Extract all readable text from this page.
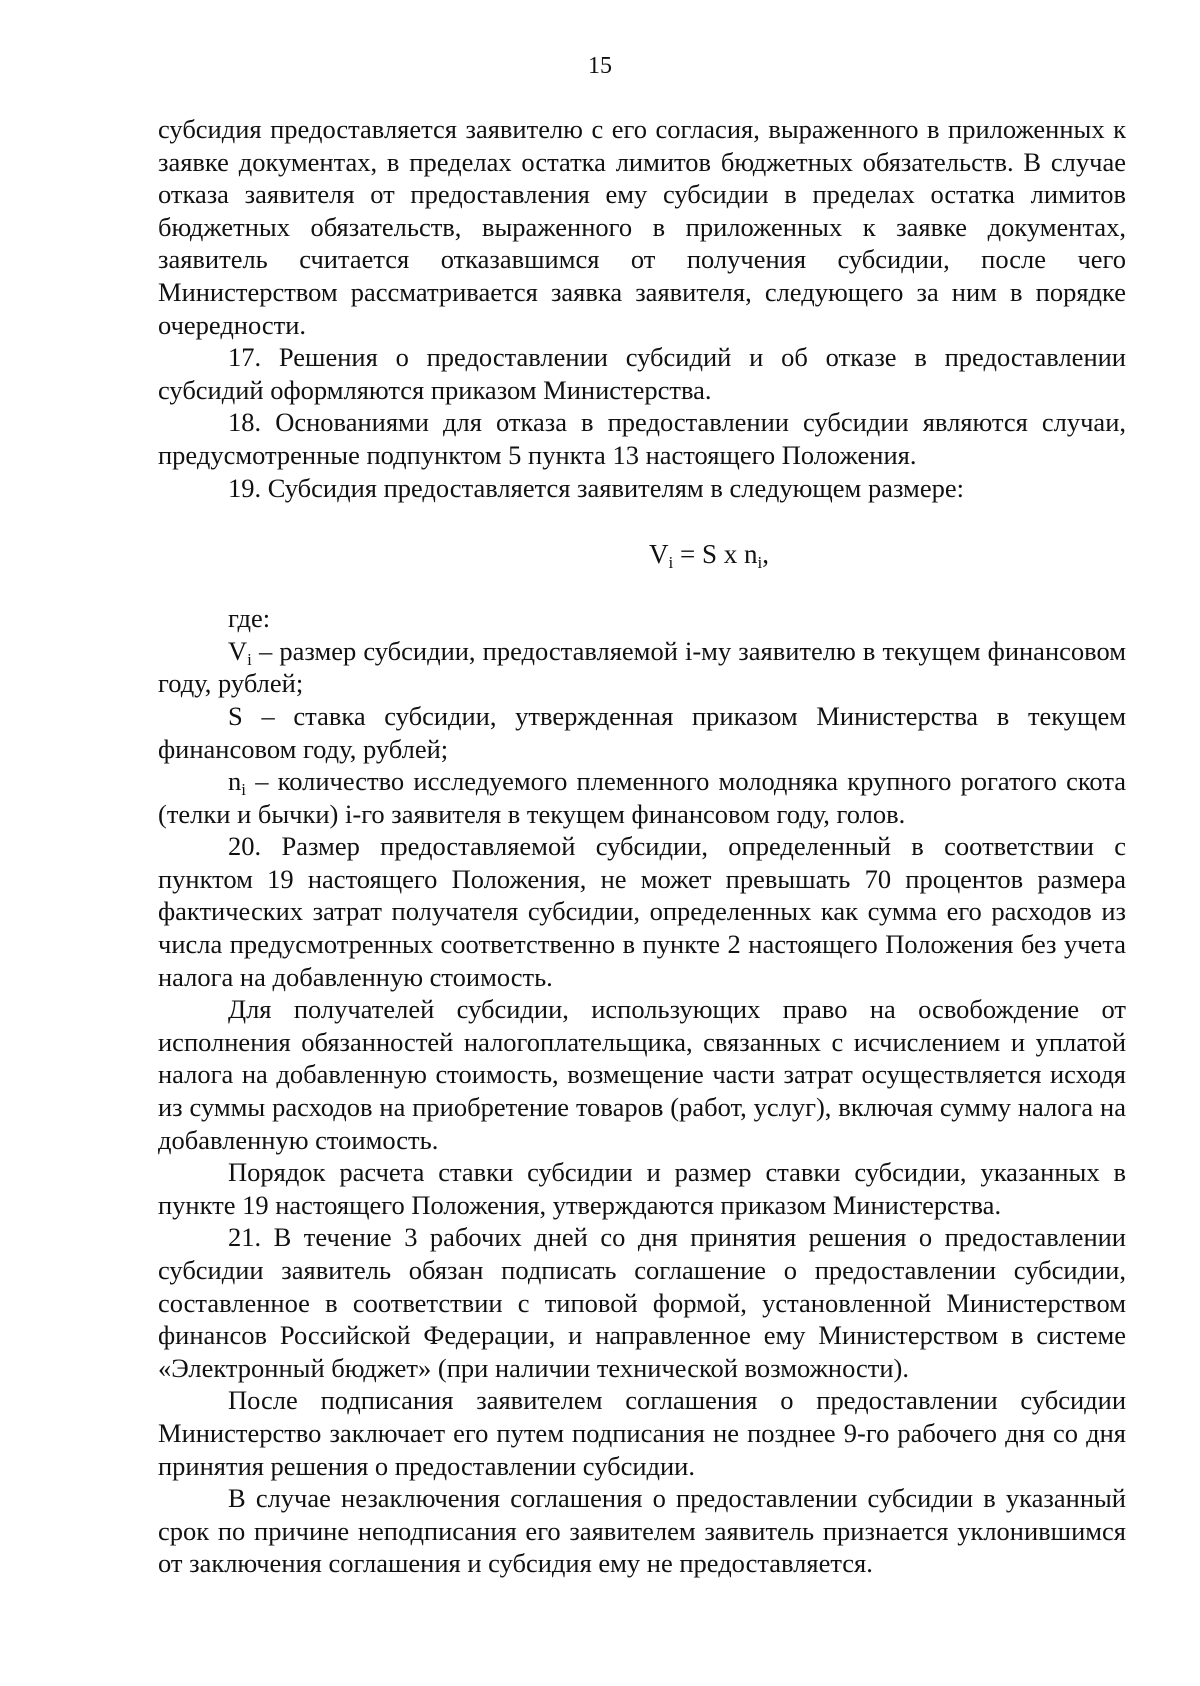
15

субсидия предоставляется заявителю с его согласия, выраженного в приложенных к заявке документах, в пределах остатка лимитов бюджетных обязательств. В случае отказа заявителя от предоставления ему субсидии в пределах остатка лимитов бюджетных обязательств, выраженного в приложенных к заявке документах, заявитель считается отказавшимся от получения субсидии, после чего Министерством рассматривается заявка заявителя, следующего за ним в порядке очередности.

17. Решения о предоставлении субсидий и об отказе в предоставлении субсидий оформляются приказом Министерства.

18. Основаниями для отказа в предоставлении субсидии являются случаи, предусмотренные подпунктом 5 пункта 13 настоящего Положения.

19. Субсидия предоставляется заявителям в следующем размере:

$V_i = S$ x $n_i$,

где:

$V_i$ – размер субсидии, предоставляемой i-му заявителю в текущем финансовом году, рублей;

S – ставка субсидии, утвержденная приказом Министерства в текущем финансовом году, рублей;

$n_i$ – количество исследуемого племенного молодняка крупного рогатого скота (телки и бычки) i-го заявителя в текущем финансовом году, голов.

20. Размер предоставляемой субсидии, определенный в соответствии с пунктом 19 настоящего Положения, не может превышать 70 процентов размера фактических затрат получателя субсидии, определенных как сумма его расходов из числа предусмотренных соответственно в пункте 2 настоящего Положения без учета налога на добавленную стоимость.

Для получателей субсидии, использующих право на освобождение от исполнения обязанностей налогоплательщика, связанных с исчислением и уплатой налога на добавленную стоимость, возмещение части затрат осуществляется исходя из суммы расходов на приобретение товаров (работ, услуг), включая сумму налога на добавленную стоимость.

Порядок расчета ставки субсидии и размер ставки субсидии, указанных в пункте 19 настоящего Положения, утверждаются приказом Министерства.

21. В течение 3 рабочих дней со дня принятия решения о предоставлении субсидии заявитель обязан подписать соглашение о предоставлении субсидии, составленное в соответствии с типовой формой, установленной Министерством финансов Российской Федерации, и направленное ему Министерством в системе «Электронный бюджет» (при наличии технической возможности).

После подписания заявителем соглашения о предоставлении субсидии Министерство заключает его путем подписания не позднее 9-го рабочего дня со дня принятия решения о предоставлении субсидии.

В случае незаключения соглашения о предоставлении субсидии в указанный срок по причине неподписания его заявителем заявитель признается уклонившимся от заключения соглашения и субсидия ему не предоставляется.
